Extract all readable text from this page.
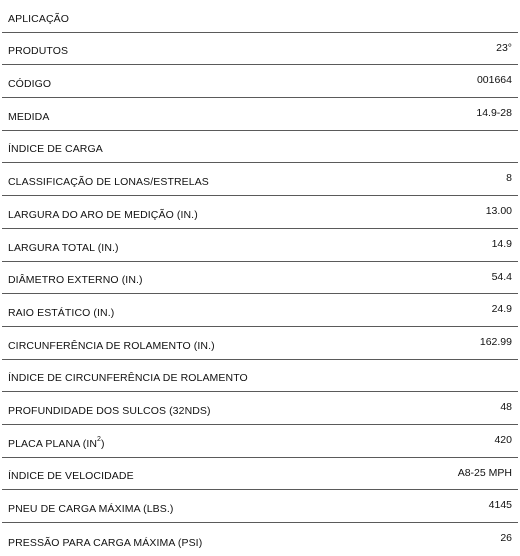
APLICAÇÃO
PRODUTOS	23°
CÓDIGO	001664
MEDIDA	14.9-28
ÍNDICE DE CARGA
CLASSIFICAÇÃO DE LONAS/ESTRELAS	8
LARGURA DO ARO DE MEDIÇÃO (IN.)	13.00
LARGURA TOTAL (IN.)	14.9
DIÂMETRO EXTERNO (IN.)	54.4
RAIO ESTÁTICO (IN.)	24.9
CIRCUNFERÊNCIA DE ROLAMENTO (IN.)	162.99
ÍNDICE DE CIRCUNFERÊNCIA DE ROLAMENTO
PROFUNDIDADE DOS SULCOS (32NDS)	48
PLACA PLANA $(IN^2)$	420
ÍNDICE DE VELOCIDADE	A8-25 MPH
PNEU DE CARGA MÁXIMA (LBS.)	4145
PRESSÃO PARA CARGA MÁXIMA (PSI)	26
